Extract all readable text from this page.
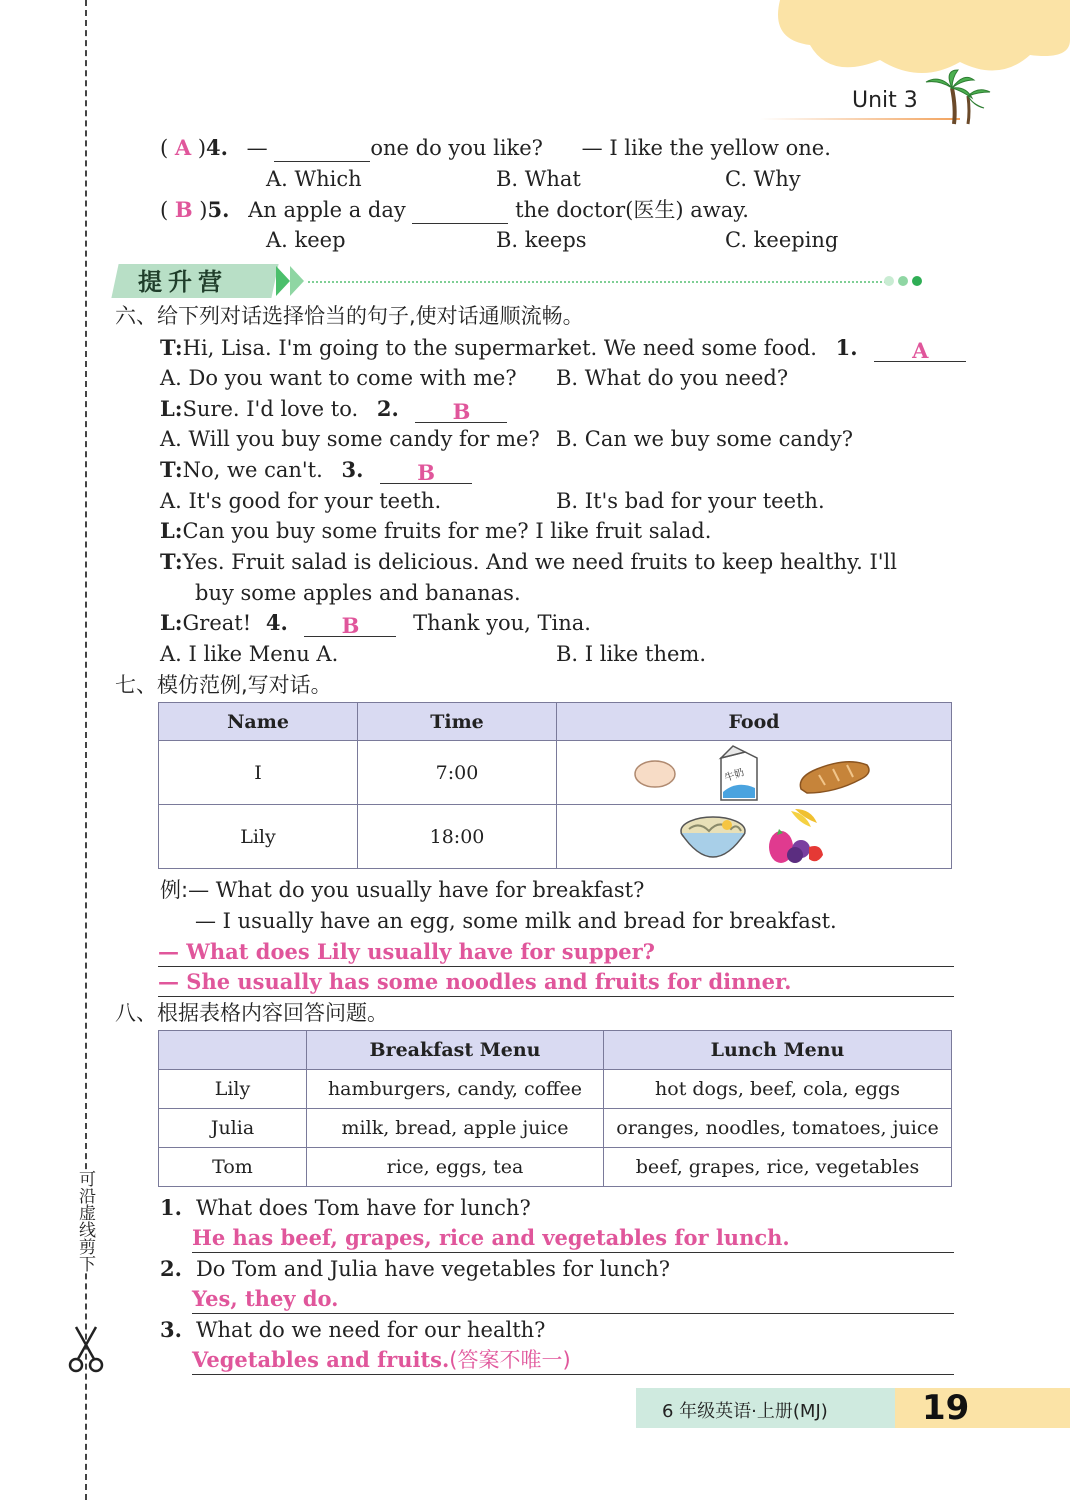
可沿虚线剪下
Unit 3
( A )4. —	one do you like? — I like the yellow one.
A. Which	B. What	C. Why
( B )5. An apple a day	the doctor(医生) away.
A. keep	B. keeps	C. keeping
提升营
六、给下列对话选择恰当的句子,使对话通顺流畅。
T:Hi, Lisa. I'm going to the supermarket. We need some food. 1.	A
A. Do you want to come with me? B. What do you need?
L:Sure. I'd love to. 2.	B
A. Will you buy some candy for me? B. Can we buy some candy?
T:No, we can't. 3.	B
A. It's good for your teeth.	B. It's bad for your teeth.
L:Can you buy some fruits for me? I like fruit salad.
T:Yes. Fruit salad is delicious. And we need fruits to keep healthy. I'll
buy some apples and bananas.
L:Great! 4.	B	Thank you, Tina.
A. I like Menu A.	B. I like them.
七、模仿范例,写对话。
Name	Time	Food
I	7:00	牛奶

Lily	18:00	
例:— What do you usually have for breakfast?
— I usually have an egg, some milk and bread for breakfast.
— What does Lily usually have for supper?
— She usually has some noodles and fruits for dinner.
八、根据表格内容回答问题。
	Breakfast Menu	Lunch Menu
Lily	hamburgers, candy, coffee	hot dogs, beef, cola, eggs
Julia	milk, bread, apple juice	oranges, noodles, tomatoes, juice
Tom	rice, eggs, tea	beef, grapes, rice, vegetables
1. What does Tom have for lunch?
He has beef, grapes, rice and vegetables for lunch.
2. Do Tom and Julia have vegetables for lunch?
Yes, they do.
3. What do we need for our health?
Vegetables and fruits.(答案不唯一)
6 年级英语·上册(MJ)	19
